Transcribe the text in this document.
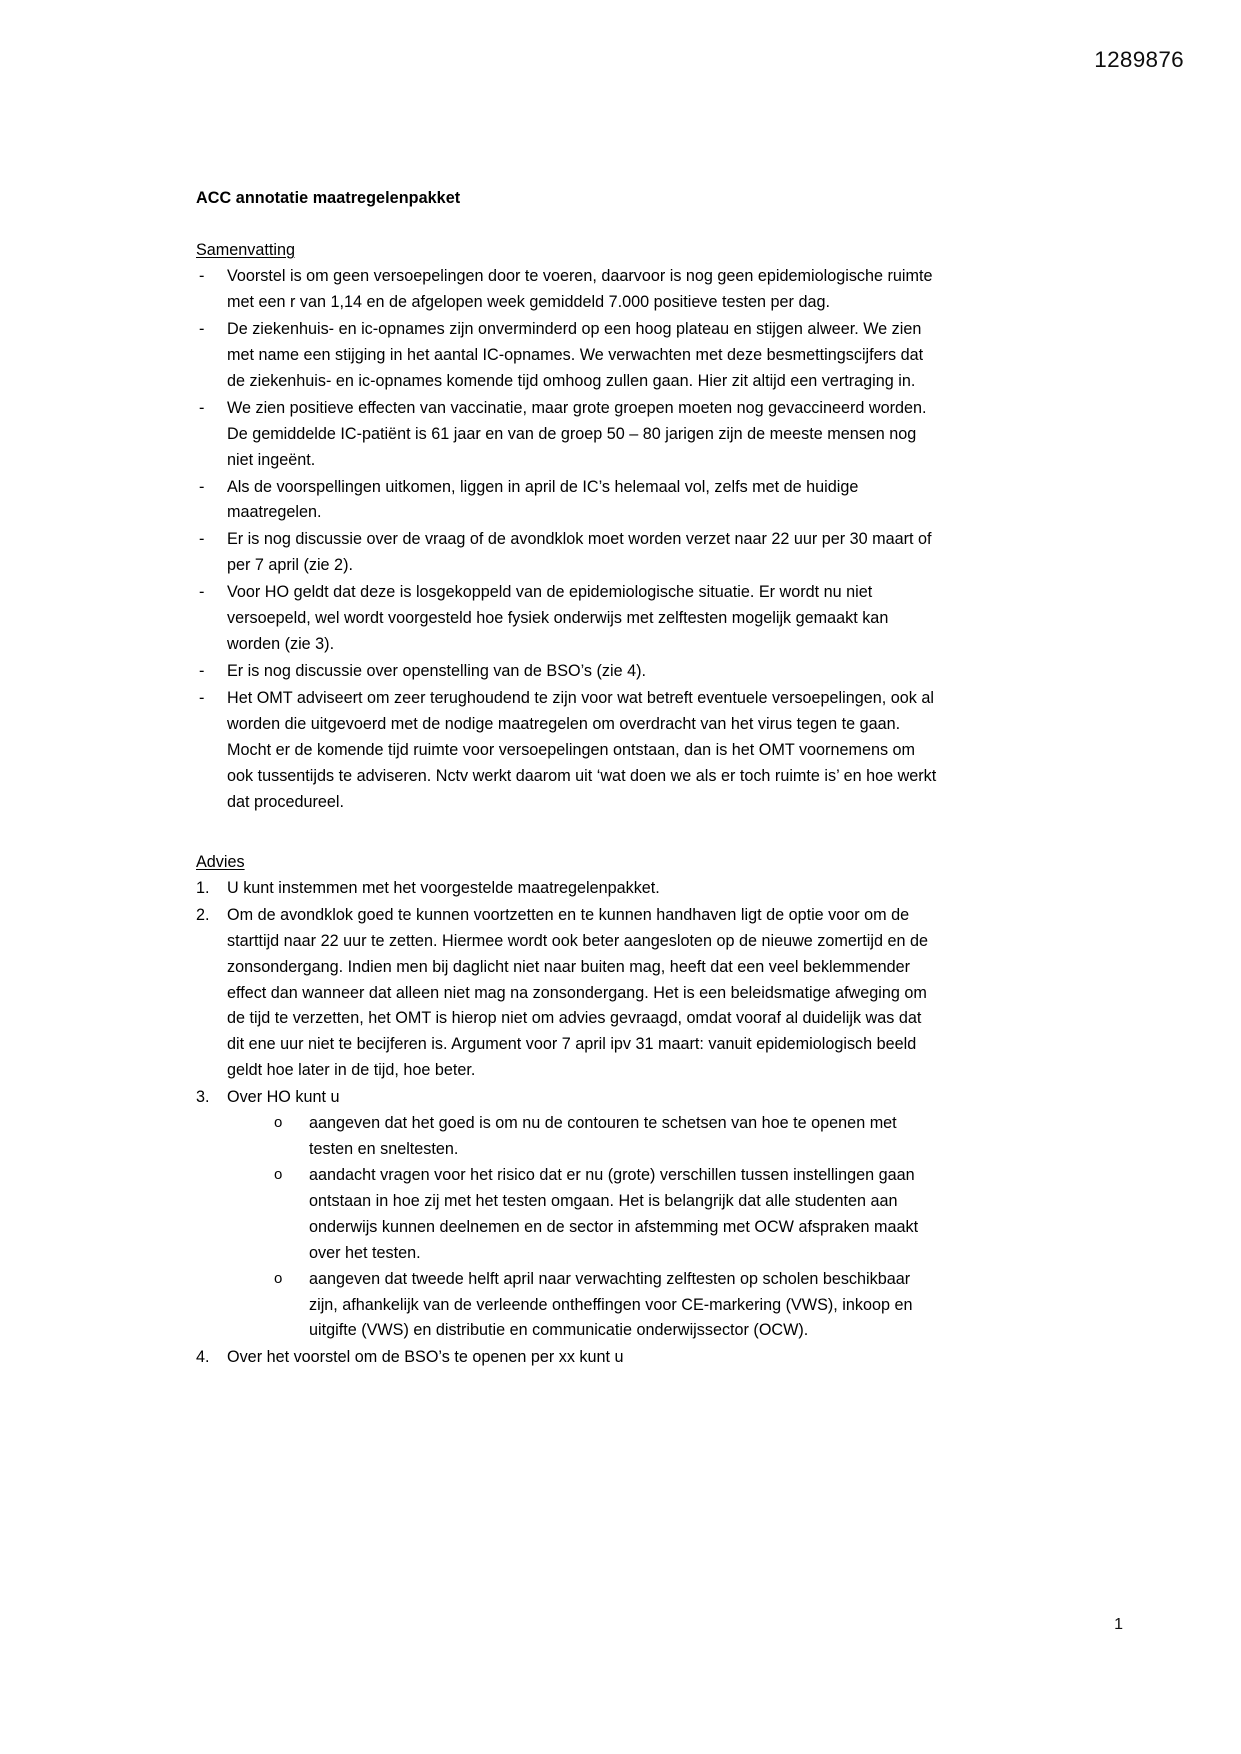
1289876
ACC annotatie maatregelenpakket
Samenvatting
-	Voorstel is om geen versoepelingen door te voeren, daarvoor is nog geen epidemiologische ruimte met een r van 1,14 en de afgelopen week gemiddeld 7.000 positieve testen per dag.
-	De ziekenhuis- en ic-opnames zijn onverminderd op een hoog plateau en stijgen alweer. We zien met name een stijging in het aantal IC-opnames. We verwachten met deze besmettingscijfers dat de ziekenhuis- en ic-opnames komende tijd omhoog zullen gaan. Hier zit altijd een vertraging in.
-	We zien positieve effecten van vaccinatie, maar grote groepen moeten nog gevaccineerd worden. De gemiddelde IC-patiënt is 61 jaar en van de groep 50 – 80 jarigen zijn de meeste mensen nog niet ingeënt.
-	Als de voorspellingen uitkomen, liggen in april de IC’s helemaal vol, zelfs met de huidige maatregelen.
-	Er is nog discussie over de vraag of de avondklok moet worden verzet naar 22 uur per 30 maart of per 7 april (zie 2).
-	Voor HO geldt dat deze is losgekoppeld van de epidemiologische situatie. Er wordt nu niet versoepeld, wel wordt voorgesteld hoe fysiek onderwijs met zelftesten mogelijk gemaakt kan worden (zie 3).
-	Er is nog discussie over openstelling van de BSO’s (zie 4).
-	Het OMT adviseert om zeer terughoudend te zijn voor wat betreft eventuele versoepelingen, ook al worden die uitgevoerd met de nodige maatregelen om overdracht van het virus tegen te gaan. Mocht er de komende tijd ruimte voor versoepelingen ontstaan, dan is het OMT voornemens om ook tussentijds te adviseren. Nctv werkt daarom uit ‘wat doen we als er toch ruimte is’ en hoe werkt dat procedureel.
Advies
1.	U kunt instemmen met het voorgestelde maatregelenpakket.
2.	Om de avondklok goed te kunnen voortzetten en te kunnen handhaven ligt de optie voor om de starttijd naar 22 uur te zetten. Hiermee wordt ook beter aangesloten op de nieuwe zomertijd en de zonsondergang. Indien men bij daglicht niet naar buiten mag, heeft dat een veel beklemmender effect dan wanneer dat alleen niet mag na zonsondergang. Het is een beleidsmatige afweging om de tijd te verzetten, het OMT is hierop niet om advies gevraagd, omdat vooraf al duidelijk was dat dit ene uur niet te becijferen is. Argument voor 7 april ipv 31 maart: vanuit epidemiologisch beeld geldt hoe later in de tijd, hoe beter.
3.	Over HO kunt u
o aangeven dat het goed is om nu de contouren te schetsen van hoe te openen met testen en sneltesten.
o aandacht vragen voor het risico dat er nu (grote) verschillen tussen instellingen gaan ontstaan in hoe zij met het testen omgaan. Het is belangrijk dat alle studenten aan onderwijs kunnen deelnemen en de sector in afstemming met OCW afspraken maakt over het testen.
o aangeven dat tweede helft april naar verwachting zelftesten op scholen beschikbaar zijn, afhankelijk van de verleende ontheffingen voor CE-markering (VWS), inkoop en uitgifte (VWS) en distributie en communicatie onderwijssector (OCW).
4.	Over het voorstel om de BSO’s te openen per xx kunt u
1
